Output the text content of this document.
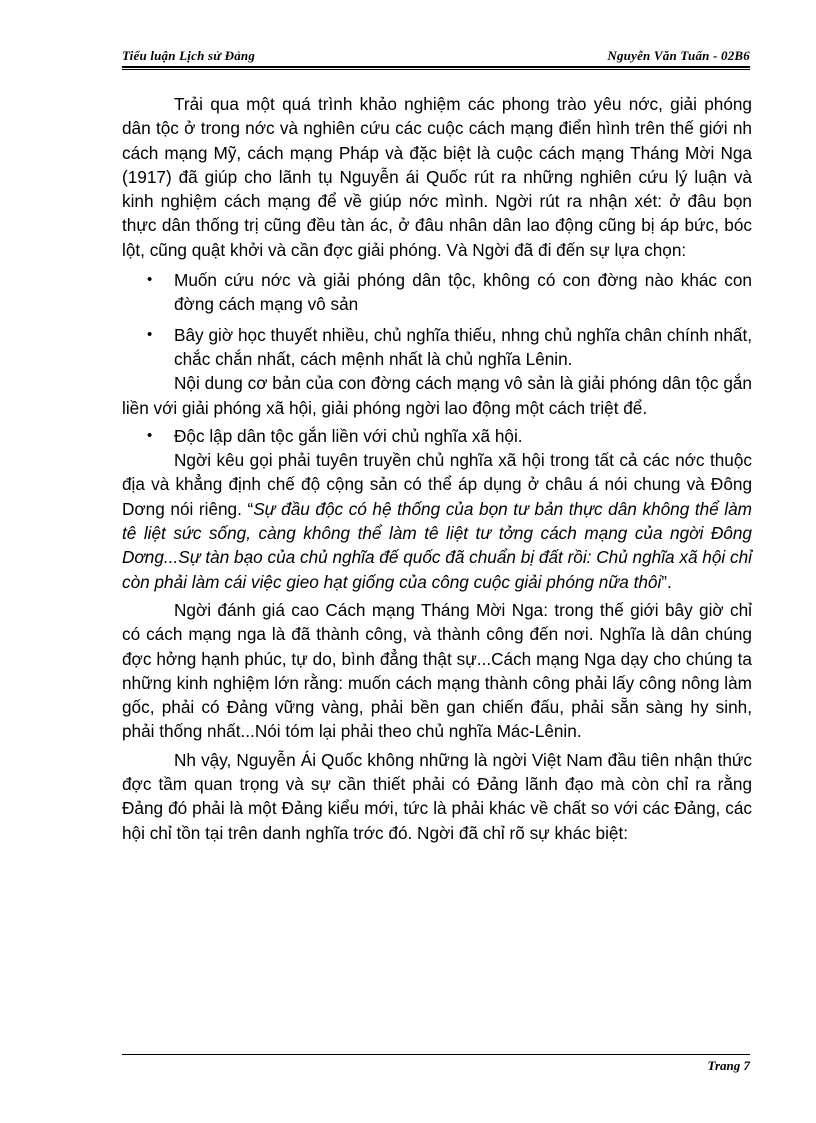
Tiểu luận Lịch sử Đảng	Nguyễn Văn Tuấn - 02B6

Trải qua một quá trình khảo nghiệm các phong trào yêu nớc, giải phóng dân tộc ở trong nớc và nghiên cứu các cuộc cách mạng điển hình trên thế giới nh cách mạng Mỹ, cách mạng Pháp và đặc biệt là cuộc cách mạng Tháng Mời Nga (1917) đã giúp cho lãnh tụ Nguyễn ái Quốc rút ra những nghiên cứu lý luận và kinh nghiệm cách mạng để về giúp nớc mình. Ngời rút ra nhận xét: ở đâu bọn thực dân thống trị cũng đều tàn ác, ở đâu nhân dân lao động cũng bị áp bức, bóc lột, cũng quật khởi và cần đợc giải phóng. Và Ngời đã đi đến sự lựa chọn:

• Muốn cứu nớc và giải phóng dân tộc, không có con đờng nào khác con đờng cách mạng vô sản

• Bây giờ học thuyết nhiều, chủ nghĩa thiếu, nhng chủ nghĩa chân chính nhất, chắc chắn nhất, cách mệnh nhất là chủ nghĩa Lênin.

Nội dung cơ bản của con đờng cách mạng vô sản là giải phóng dân tộc gắn liền với giải phóng xã hội, giải phóng ngời lao động một cách triệt để.

• Độc lập dân tộc gắn liền với chủ nghĩa xã hội.

Ngời kêu gọi phải tuyên truyền chủ nghĩa xã hội trong tất cả các nớc thuộc địa và khẳng định chế độ cộng sản có thể áp dụng ở châu á nói chung và Đông Dơng nói riêng. “Sự đầu độc có hệ thống của bọn tư bản thực dân không thể làm tê liệt sức sống, càng không thể làm tê liệt tư tởng cách mạng của ngời Đông Dơng...Sự tàn bạo của chủ nghĩa đế quốc đã chuẩn bị đất rồi: Chủ nghĩa xã hội chỉ còn phải làm cái việc gieo hạt giống của công cuộc giải phóng nữa thôi”.

Ngời đánh giá cao Cách mạng Tháng Mời Nga: trong thế giới bây giờ chỉ có cách mạng nga là đã thành công, và thành công đến nơi. Nghĩa là dân chúng đợc hởng hạnh phúc, tự do, bình đẳng thật sự...Cách mạng Nga dạy cho chúng ta những kinh nghiệm lớn rằng: muốn cách mạng thành công phải lấy công nông làm gốc, phải có Đảng vững vàng, phải bền gan chiến đấu, phải sẵn sàng hy sinh, phải thống nhất...Nói tóm lại phải theo chủ nghĩa Mác-Lênin.

Nh vậy, Nguyễn Ái Quốc không những là ngời Việt Nam đầu tiên nhận thức đợc tầm quan trọng và sự cần thiết phải có Đảng lãnh đạo mà còn chỉ ra rằng Đảng đó phải là một Đảng kiểu mới, tức là phải khác về chất so với các Đảng, các hội chỉ tồn tại trên danh nghĩa trớc đó. Ngời đã chỉ rõ sự khác biệt:

Trang 7
